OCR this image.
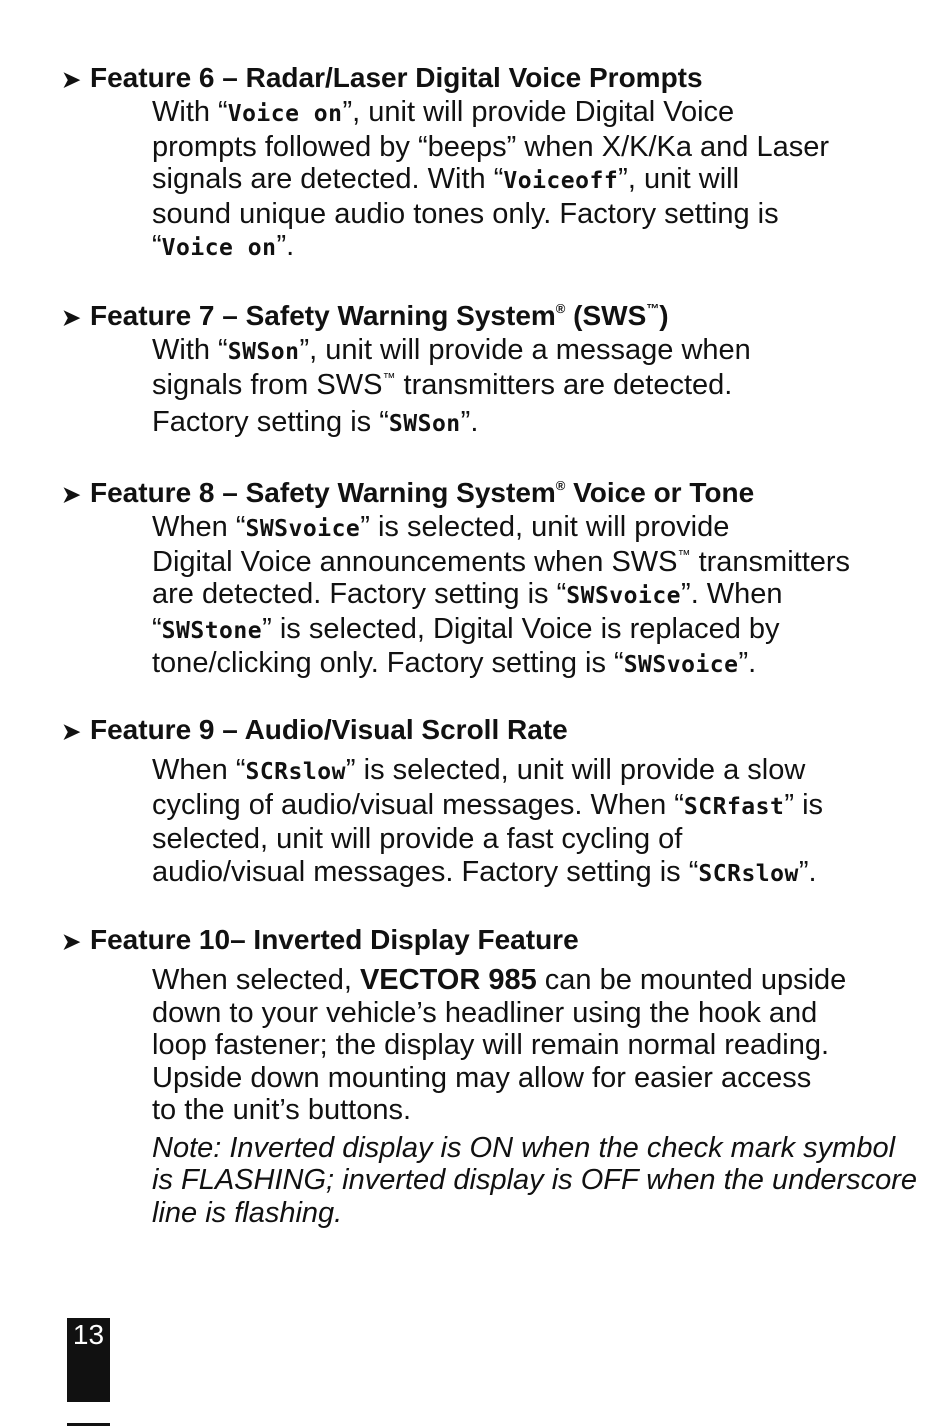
➤ Feature 6 – Radar/Laser Digital Voice Prompts
With “Voice on”, unit will provide Digital Voice
prompts followed by “beeps” when X/K/Ka and Laser
signals are detected. With “Voiceoff”, unit will
sound unique audio tones only. Factory setting is
“Voice on”.
➤ Feature 7 – Safety Warning System® (SWS™)
With “SWSon”, unit will provide a message when
signals from SWS™ transmitters are detected.
Factory setting is “SWSon”.
➤ Feature 8 – Safety Warning System® Voice or Tone
When “SWSvoice” is selected, unit will provide
Digital Voice announcements when SWS™ transmitters
are detected. Factory setting is “SWSvoice”. When
“SWStone” is selected, Digital Voice is replaced by
tone/clicking only. Factory setting is “SWSvoice”.
➤ Feature 9 – Audio/Visual Scroll Rate
When “SCRslow” is selected, unit will provide a slow
cycling of audio/visual messages. When “SCRfast” is
selected, unit will provide a fast cycling of
audio/visual messages. Factory setting is “SCRslow”.
➤ Feature 10– Inverted Display Feature
When selected, VECTOR 985 can be mounted upside
down to your vehicle’s headliner using the hook and
loop fastener; the display will remain normal reading.
Upside down mounting may allow for easier access
to the unit’s buttons.
Note: Inverted display is ON when the check mark symbol
is FLASHING; inverted display is OFF when the underscore
line is flashing.
13
